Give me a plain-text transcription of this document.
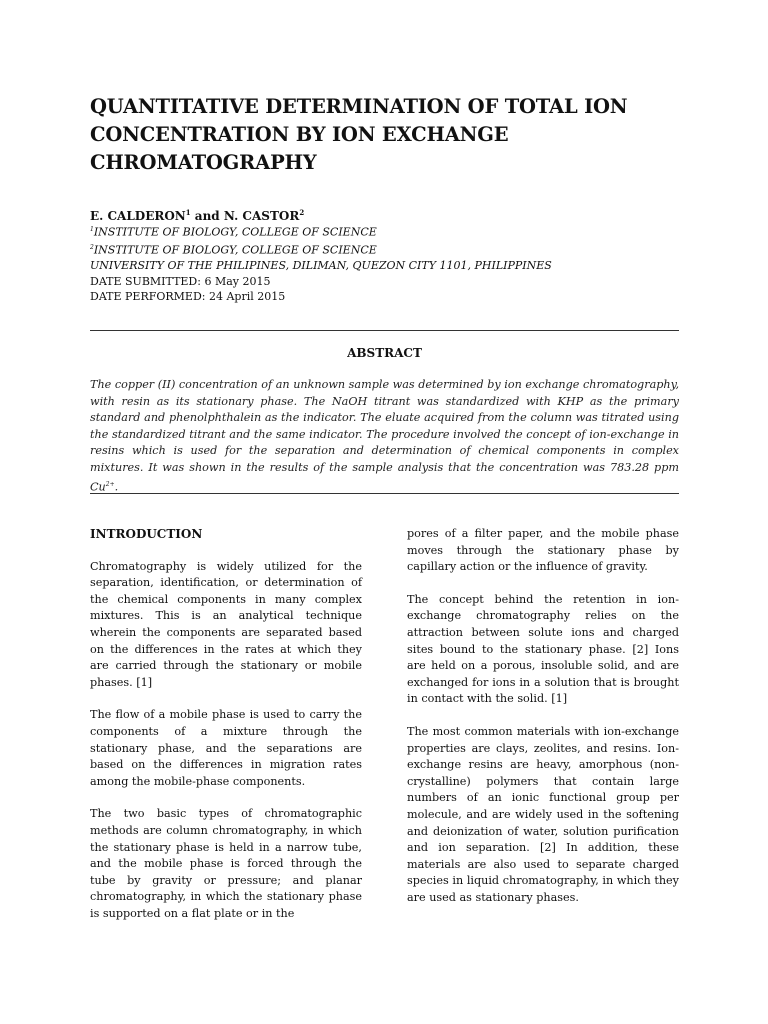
QUANTITATIVE DETERMINATION OF TOTAL ION CONCENTRATION BY ION EXCHANGE CHROMATOGRAPHY
E. CALDERON$^1$ and N. CASTOR$^2$
$^1$INSTITUTE OF BIOLOGY, COLLEGE OF SCIENCE
$^2$INSTITUTE OF BIOLOGY, COLLEGE OF SCIENCE
UNIVERSITY OF THE PHILIPINES, DILIMAN, QUEZON CITY 1101, PHILIPPINES
DATE SUBMITTED: 6 May 2015
DATE PERFORMED: 24 April 2015
ABSTRACT
The copper (II) concentration of an unknown sample was determined by ion exchange chromatography, with resin as its stationary phase. The NaOH titrant was standardized with KHP as the primary standard and phenolphthalein as the indicator. The eluate acquired from the column was titrated using the standardized titrant and the same indicator. The procedure involved the concept of ion-exchange in resins which is used for the separation and determination of chemical components in complex mixtures. It was shown in the results of the sample analysis that the concentration was 783.28 ppm $Cu^{2+}$.
INTRODUCTION

Chromatography is widely utilized for the separation, identification, or determination of the chemical components in many complex mixtures. This is an analytical technique wherein the components are separated based on the differences in the rates at which they are carried through the stationary or mobile phases. [1]

The flow of a mobile phase is used to carry the components of a mixture through the stationary phase, and the separations are based on the differences in migration rates among the mobile-phase components.

The two basic types of chromatographic methods are column chromatography, in which the stationary phase is held in a narrow tube, and the mobile phase is forced through the tube by gravity or pressure; and planar chromatography, in which the stationary phase is supported on a flat plate or in the

pores of a filter paper, and the mobile phase moves through the stationary phase by capillary action or the influence of gravity.

The concept behind the retention in ion-exchange chromatography relies on the attraction between solute ions and charged sites bound to the stationary phase. [2] Ions are held on a porous, insoluble solid, and are exchanged for ions in a solution that is brought in contact with the solid. [1]

The most common materials with ion-exchange properties are clays, zeolites, and resins. Ion-exchange resins are heavy, amorphous (non-crystalline) polymers that contain large numbers of an ionic functional group per molecule, and are widely used in the softening and deionization of water, solution purification and ion separation. [2] In addition, these materials are also used to separate charged species in liquid chromatography, in which they are used as stationary phases.
